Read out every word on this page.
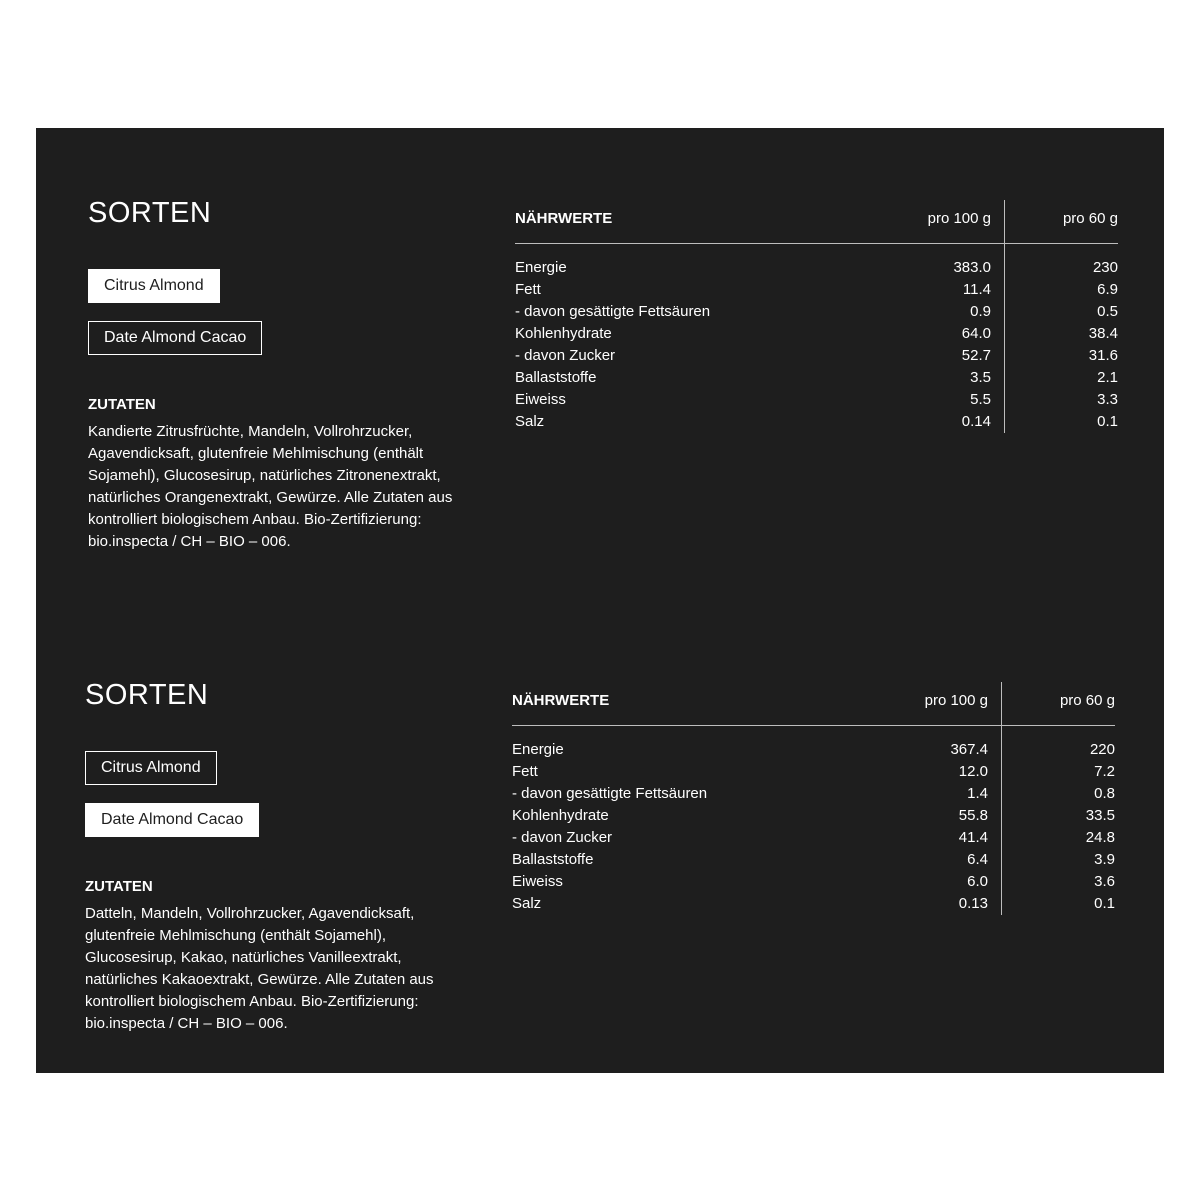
SORTEN
Citrus Almond
Date Almond Cacao
ZUTATEN

Kandierte Zitrusfrüchte, Mandeln, Vollrohrzucker, Agavendicksaft, glutenfreie Mehlmischung (enthält Sojamehl), Glucosesirup, natürliches Zitronenextrakt, natürliches Orangenextrakt, Gewürze. Alle Zutaten aus kontrolliert biologischem Anbau. Bio-Zertifizierung: bio.inspecta / CH – BIO – 006.

NÄHRWERTE	pro 100 g	pro 60 g
Energie	383.0	230
Fett	11.4	6.9
- davon gesättigte Fettsäuren	0.9	0.5
Kohlenhydrate	64.0	38.4
- davon Zucker	52.7	31.6
Ballaststoffe	3.5	2.1
Eiweiss	5.5	3.3
Salz	0.14	0.1
SORTEN
Citrus Almond
Date Almond Cacao
ZUTATEN

Datteln, Mandeln, Vollrohrzucker, Agavendicksaft, glutenfreie Mehlmischung (enthält Sojamehl), Glucosesirup, Kakao, natürliches Vanilleextrakt, natürliches Kakaoextrakt, Gewürze. Alle Zutaten aus kontrolliert biologischem Anbau. Bio-Zertifizierung: bio.inspecta / CH – BIO – 006.

NÄHRWERTE	pro 100 g	pro 60 g
Energie	367.4	220
Fett	12.0	7.2
- davon gesättigte Fettsäuren	1.4	0.8
Kohlenhydrate	55.8	33.5
- davon Zucker	41.4	24.8
Ballaststoffe	6.4	3.9
Eiweiss	6.0	3.6
Salz	0.13	0.1
